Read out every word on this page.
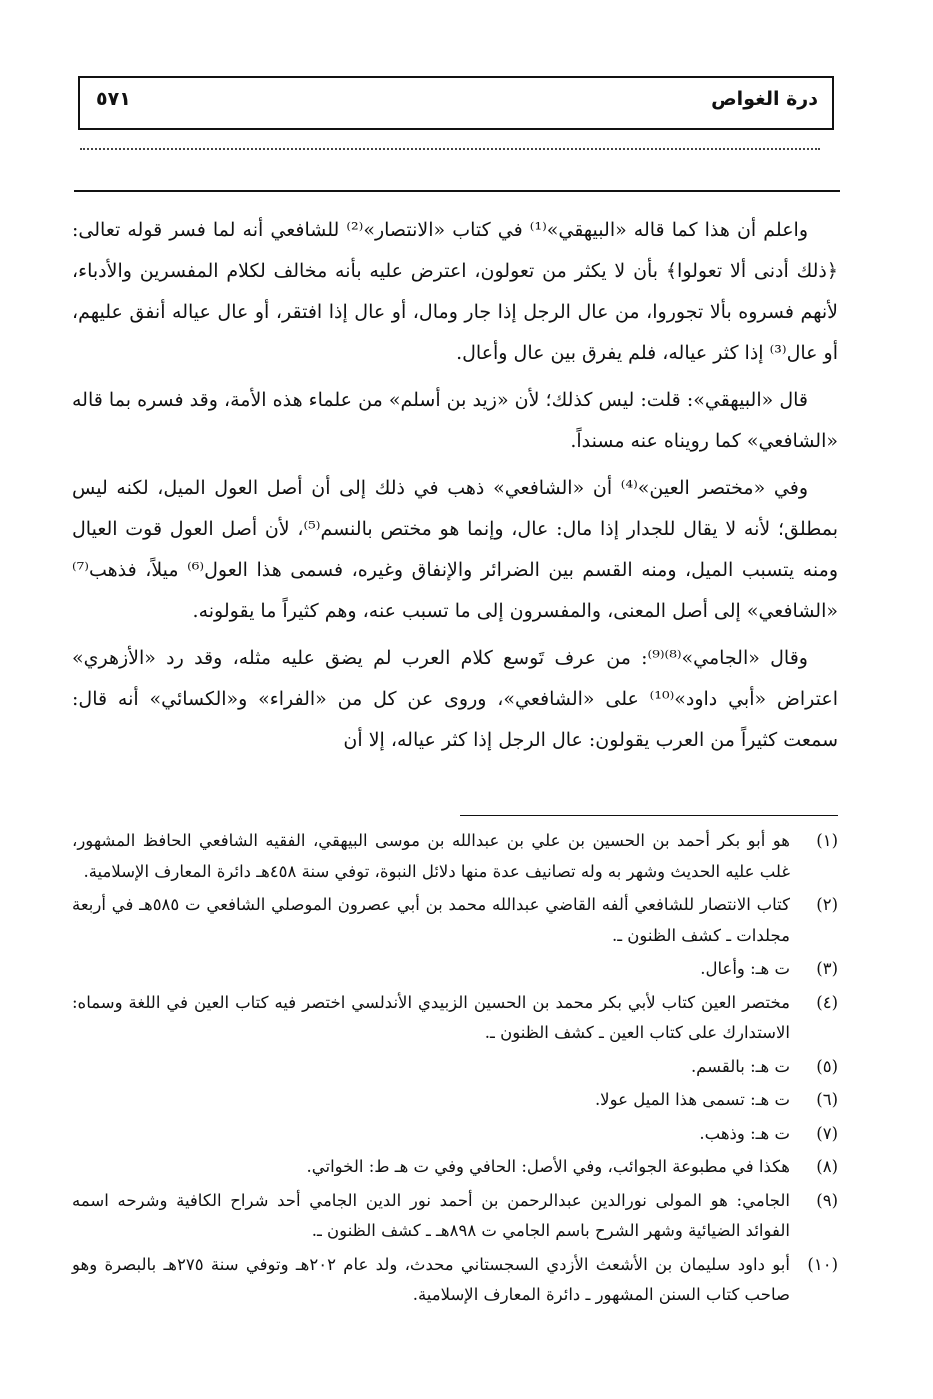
درة الغواص
٥٧١

واعلم أن هذا كما قاله «البيهقي»⁽¹⁾ في كتاب «الانتصار»⁽²⁾ للشافعي أنه لما فسر قوله تعالى: ﴿ذلك أدنى ألا تعولوا﴾ بأن لا يكثر من تعولون، اعترض عليه بأنه مخالف لكلام المفسرين والأدباء، لأنهم فسروه بألا تجوروا، من عال الرجل إذا جار ومال، أو عال إذا افتقر، أو عال عياله أنفق عليهم، أو عال⁽³⁾ إذا كثر عياله، فلم يفرق بين عال وأعال.

قال «البيهقي»: قلت: ليس كذلك؛ لأن «زيد بن أسلم» من علماء هذه الأمة، وقد فسره بما قاله «الشافعي» كما رويناه عنه مسنداً.

وفي «مختصر العين»⁽⁴⁾ أن «الشافعي» ذهب في ذلك إلى أن أصل العول الميل، لكنه ليس بمطلق؛ لأنه لا يقال للجدار إذا مال: عال، وإنما هو مختص بالنسم⁽⁵⁾، لأن أصل العول قوت العيال ومنه يتسبب الميل، ومنه القسم بين الضرائر والإنفاق وغيره، فسمى هذا العول⁽⁶⁾ ميلاً، فذهب⁽⁷⁾ «الشافعي» إلى أصل المعنى، والمفسرون إلى ما تسبب عنه، وهم كثيراً ما يقولونه.

وقال «الجامي»⁽⁸⁾⁽⁹⁾: من عرف تَوسع كلام العرب لم يضق عليه مثله، وقد رد «الأزهري» اعتراض «أبي داود»⁽¹⁰⁾ على «الشافعي»، وروى عن كل من «الفراء» و«الكسائي» أنه قال: سمعت كثيراً من العرب يقولون: عال الرجل إذا كثر عياله، إلا أن

(١)
هو أبو بكر أحمد بن الحسين بن علي بن عبدالله بن موسى البيهقي، الفقيه الشافعي الحافظ المشهور، غلب عليه الحديث وشهر به وله تصانيف عدة منها دلائل النبوة، توفي سنة ٤٥٨هـ دائرة المعارف الإسلامية.
(٢)
كتاب الانتصار للشافعي ألفه القاضي عبدالله محمد بن أبي عصرون الموصلي الشافعي ت ٥٨٥هـ في أربعة مجلدات ـ كشف الظنون ـ.
(٣)
ت هـ: وأعال.
(٤)
مختصر العين كتاب لأبي بكر محمد بن الحسين الزبيدي الأندلسي اختصر فيه كتاب العين في اللغة وسماه: الاستدارك على كتاب العين ـ كشف الظنون ـ.
(٥)
ت هـ: بالقسم.
(٦)
ت هـ: تسمى هذا الميل عولا.
(٧)
ت هـ: وذهب.
(٨)
هكذا في مطبوعة الجوائب، وفي الأصل: الحافي وفي ت هـ ط: الخواتي.
(٩)
الجامي: هو المولى نورالدين عبدالرحمن بن أحمد نور الدين الجامي أحد شراح الكافية وشرحه اسمه الفوائد الضيائية وشهر الشرح باسم الجامي ت ٨٩٨هـ ـ كشف الظنون ـ.
(١٠)
أبو داود سليمان بن الأشعث الأزدي السجستاني محدث، ولد عام ٢٠٢هـ وتوفي سنة ٢٧٥هـ بالبصرة وهو صاحب كتاب السنن المشهور ـ دائرة المعارف الإسلامية.
